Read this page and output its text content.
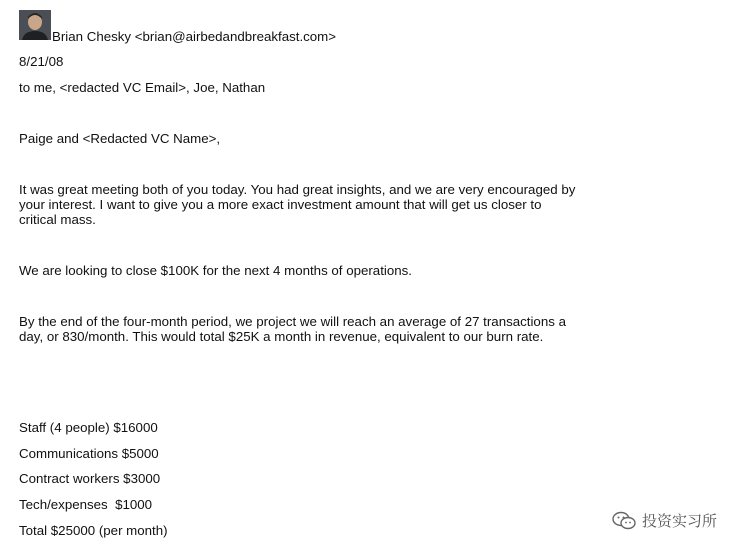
Brian Chesky <brian@airbedandbreakfast.com>
8/21/08
to me, <redacted VC Email>, Joe, Nathan
Paige and <Redacted VC Name>,
It was great meeting both of you today. You had great insights, and we are very encouraged by your interest. I want to give you a more exact investment amount that will get us closer to critical mass.
We are looking to close $100K for the next 4 months of operations.
By the end of the four-month period, we project we will reach an average of 27 transactions a day, or 830/month. This would total $25K a month in revenue, equivalent to our burn rate.
Staff (4 people) $16000
Communications $5000
Contract workers $3000
Tech/expenses  $1000
Total $25000 (per month)
投资实习所
